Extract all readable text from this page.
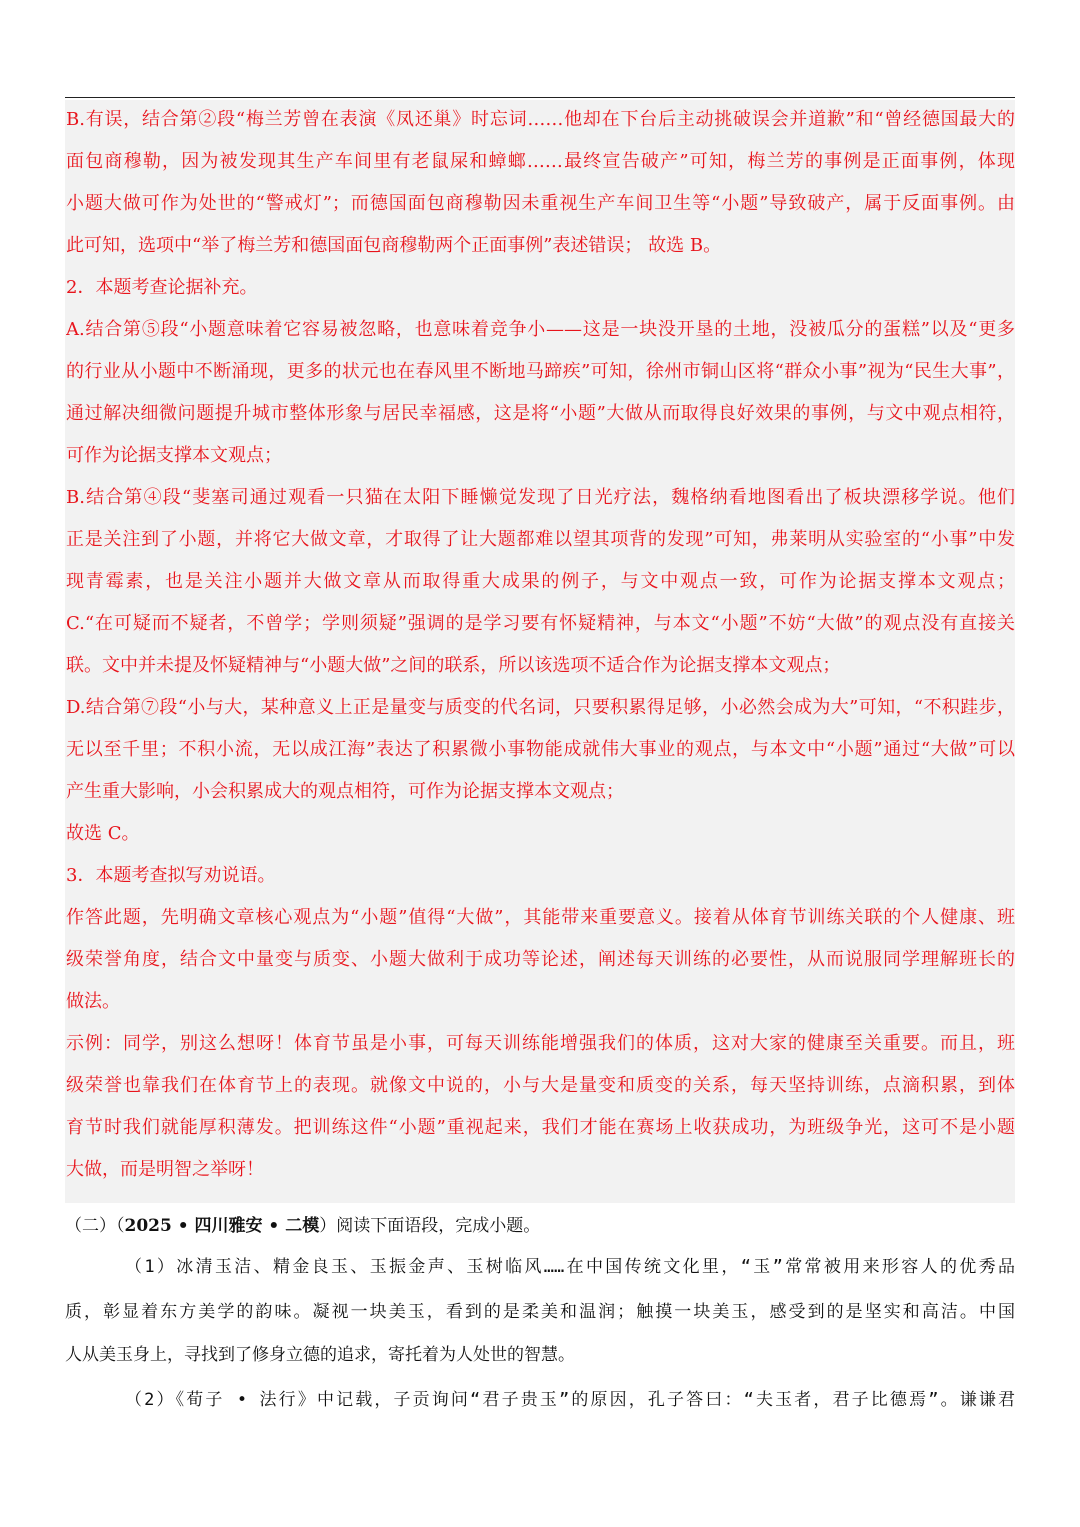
B.有误，结合第②段“梅兰芳曾在表演《凤还巢》时忘词……他却在下台后主动挑破误会并道歉”和“曾经德国最大的
面包商穆勒，因为被发现其生产车间里有老鼠屎和蟑螂……最终宣告破产”可知，梅兰芳的事例是正面事例，体现
小题大做可作为处世的“警戒灯”；而德国面包商穆勒因未重视生产车间卫生等“小题”导致破产，属于反面事例。由
此可知，选项中“举了梅兰芳和德国面包商穆勒两个正面事例”表述错误； 故选 B。
2．本题考查论据补充。
A.结合第⑤段“小题意味着它容易被忽略，也意味着竞争小——这是一块没开垦的土地，没被瓜分的蛋糕”以及“更多
的行业从小题中不断涌现，更多的状元也在春风里不断地马蹄疾”可知，徐州市铜山区将“群众小事”视为“民生大事”，
通过解决细微问题提升城市整体形象与居民幸福感，这是将“小题”大做从而取得良好效果的事例，与文中观点相符，
可作为论据支撑本文观点；
B.结合第④段“斐塞司通过观看一只猫在太阳下睡懒觉发现了日光疗法，魏格纳看地图看出了板块漂移学说。他们
正是关注到了小题，并将它大做文章，才取得了让大题都难以望其项背的发现”可知，弗莱明从实验室的“小事”中发
现青霉素，也是关注小题并大做文章从而取得重大成果的例子，与文中观点一致，可作为论据支撑本文观点；
C.“在可疑而不疑者，不曾学；学则须疑”强调的是学习要有怀疑精神，与本文“小题”不妨“大做”的观点没有直接关
联。文中并未提及怀疑精神与“小题大做”之间的联系，所以该选项不适合作为论据支撑本文观点；
D.结合第⑦段“小与大，某种意义上正是量变与质变的代名词，只要积累得足够，小必然会成为大”可知，“不积跬步，
无以至千里；不积小流，无以成江海”表达了积累微小事物能成就伟大事业的观点，与本文中“小题”通过“大做”可以
产生重大影响，小会积累成大的观点相符，可作为论据支撑本文观点；
故选 C。
3．本题考查拟写劝说语。
作答此题，先明确文章核心观点为“小题”值得“大做”，其能带来重要意义。接着从体育节训练关联的个人健康、班
级荣誉角度，结合文中量变与质变、小题大做利于成功等论述，阐述每天训练的必要性，从而说服同学理解班长的
做法。
示例：同学，别这么想呀！体育节虽是小事，可每天训练能增强我们的体质，这对大家的健康至关重要。而且，班
级荣誉也靠我们在体育节上的表现。就像文中说的，小与大是量变和质变的关系，每天坚持训练，点滴积累，到体
育节时我们就能厚积薄发。把训练这件“小题”重视起来，我们才能在赛场上收获成功，为班级争光，这可不是小题
大做，而是明智之举呀！
（二）（2025 • 四川雅安 • 二模）阅读下面语段，完成小题。
（1）冰清玉洁、精金良玉、玉振金声、玉树临风……在中国传统文化里，“玉”常常被用来形容人的优秀品
质，彰显着东方美学的韵味。凝视一块美玉，看到的是柔美和温润；触摸一块美玉，感受到的是坚实和高洁。中国
人从美玉身上，寻找到了修身立德的追求，寄托着为人处世的智慧。
（2）《荀子 • 法行》中记载，子贡询问“君子贵玉”的原因，孔子答曰：“夫玉者，君子比德焉”。谦谦君
